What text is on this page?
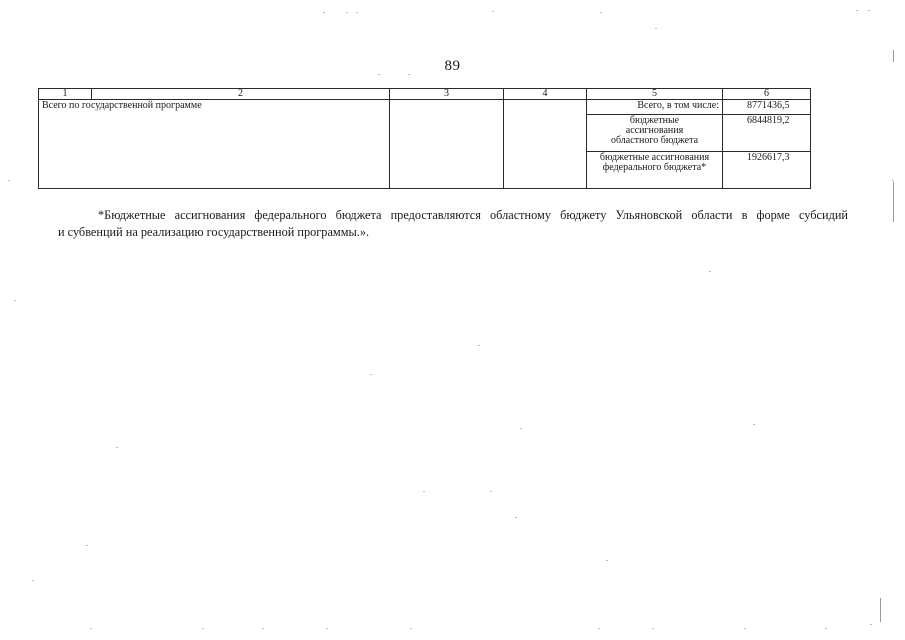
89
1	2	3	4	5	6
Всего по государственной программе				Всего, в том числе:	8771436,5
				бюджетные ассигнования областного бюджета	6844819,2
				бюджетные ассигнования федерального бюджета*	1926617,3
*Бюджетные ассигнования федерального бюджета предоставляются областному бюджету Ульяновской области в форме субсидий
и субвенций на реализацию государственной программы.».
